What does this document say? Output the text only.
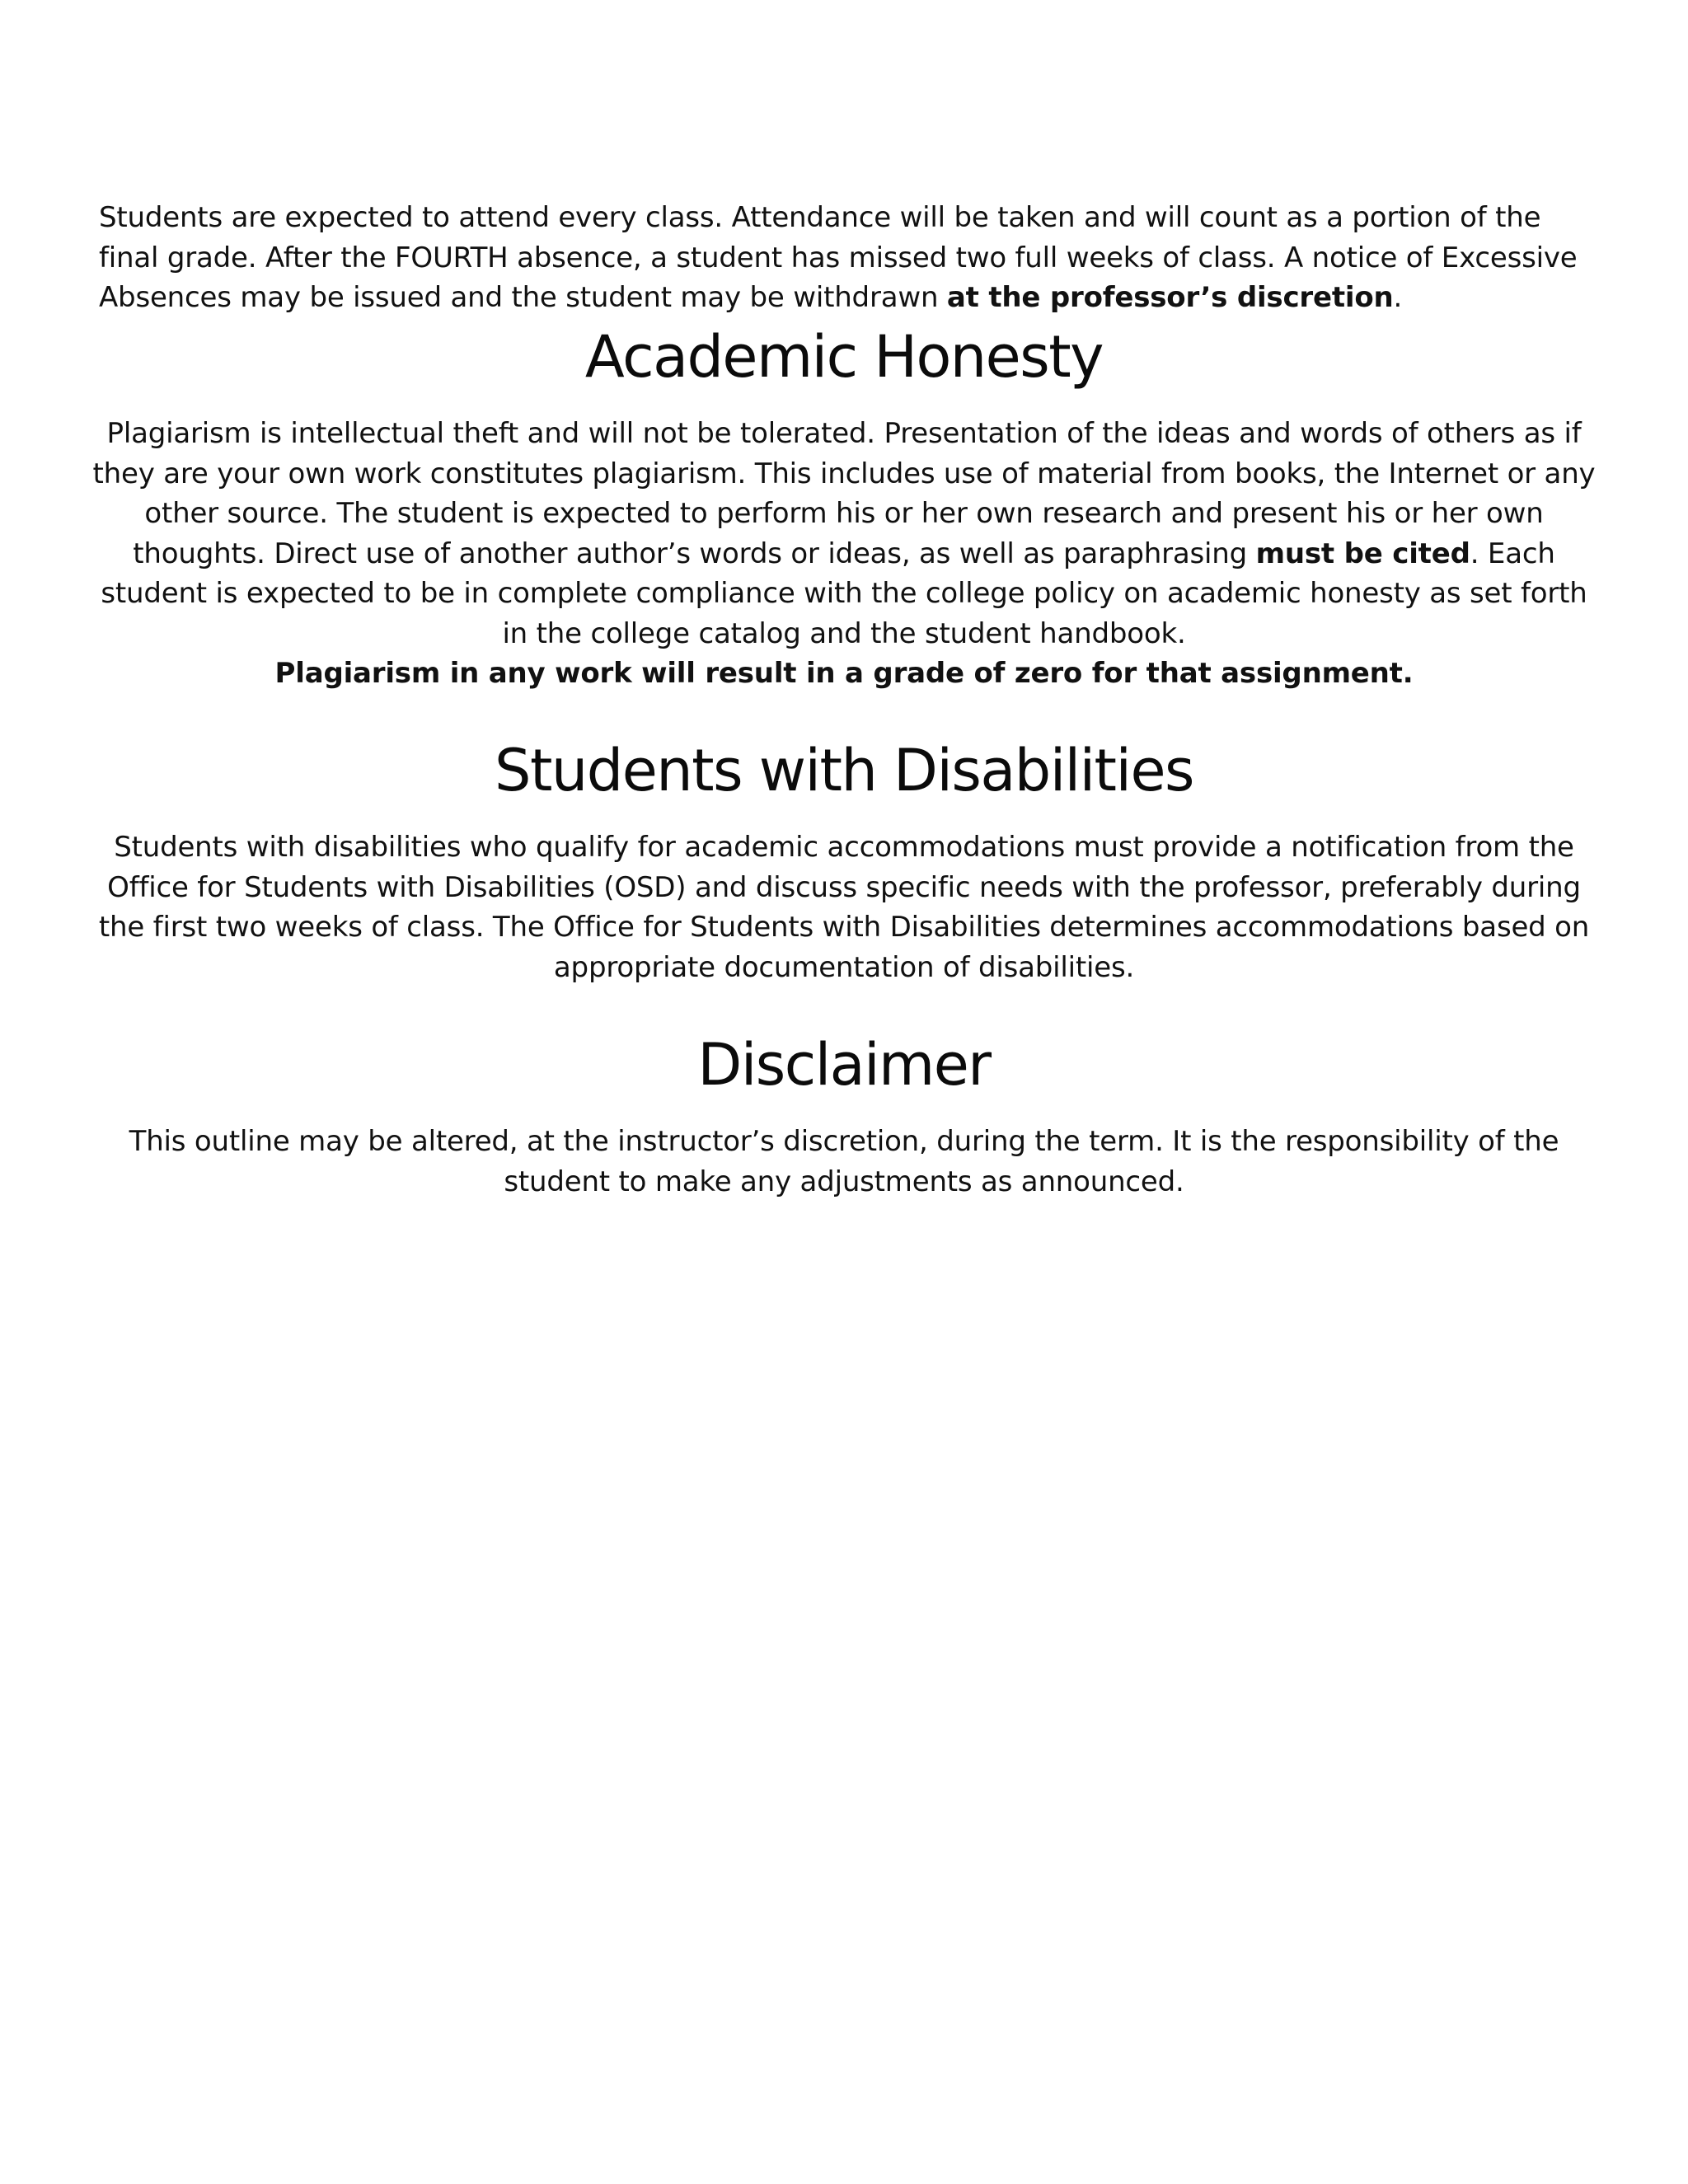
Students are expected to attend every class. Attendance will be taken and will count as a portion of the final grade. After the FOURTH absence, a student has missed two full weeks of class. A notice of Excessive Absences may be issued and the student may be withdrawn at the professor’s discretion.

Academic Honesty

Plagiarism is intellectual theft and will not be tolerated. Presentation of the ideas and words of others as if they are your own work constitutes plagiarism. This includes use of material from books, the Internet or any other source. The student is expected to perform his or her own research and present his or her own thoughts. Direct use of another author’s words or ideas, as well as paraphrasing must be cited. Each student is expected to be in complete compliance with the college policy on academic honesty as set forth in the college catalog and the student handbook.

Plagiarism in any work will result in a grade of zero for that assignment.

Students with Disabilities

Students with disabilities who qualify for academic accommodations must provide a notification from the Office for Students with Disabilities (OSD) and discuss specific needs with the professor, preferably during the first two weeks of class. The Office for Students with Disabilities determines accommodations based on appropriate documentation of disabilities.

Disclaimer

This outline may be altered, at the instructor’s discretion, during the term. It is the responsibility of the student to make any adjustments as announced.
